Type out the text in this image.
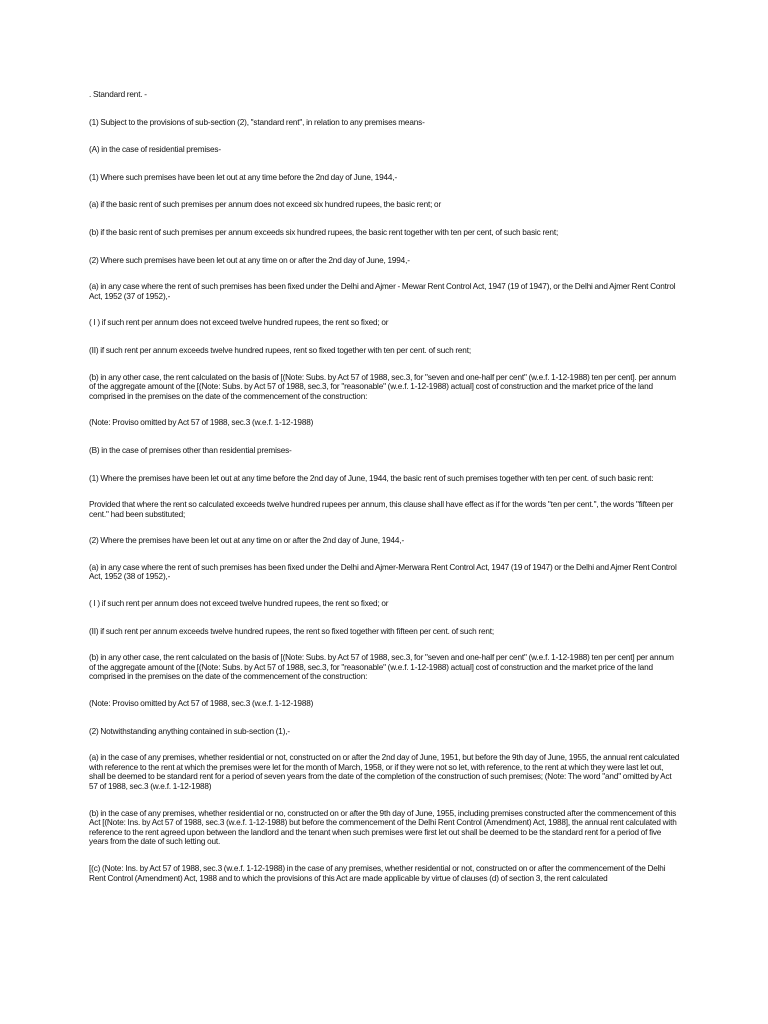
. Standard rent. -

(1) Subject to the provisions of sub-section (2), "standard rent", in relation to any premises means-

(A) in the case of residential premises-

(1) Where such premises have been let out at any time before the 2nd day of June, 1944,-

(a) if the basic rent of such premises per annum does not exceed six hundred rupees, the basic rent; or

(b) if the basic rent of such premises per annum exceeds six hundred rupees, the basic rent together with ten per cent, of such basic rent;

(2) Where such premises have been let out at any time on or after the 2nd day of June, 1994,-

(a) in any case where the rent of such premises has been fixed under the Delhi and Ajmer - Mewar Rent Control Act, 1947 (19 of 1947), or the Delhi and Ajmer Rent Control Act, 1952 (37 of 1952),-

( I ) if such rent per annum does not exceed twelve hundred rupees, the rent so fixed; or

(II) if such rent per annum exceeds twelve hundred rupees, rent so fixed together with ten per cent. of such rent;

(b) in any other case, the rent calculated on the basis of [(Note: Subs. by Act 57 of 1988, sec.3, for "seven and one-half per cent" (w.e.f. 1-12-1988) ten per cent]. per annum of the aggregate amount of the [(Note: Subs. by Act 57 of 1988, sec.3, for "reasonable" (w.e.f. 1-12-1988) actual] cost of construction and the market price of the land comprised in the premises on the date of the commencement of the construction:

(Note: Proviso omitted by Act 57 of 1988, sec.3 (w.e.f. 1-12-1988)

(B) in the case of premises other than residential premises-

(1) Where the premises have been let out at any time before the 2nd day of June, 1944, the basic rent of such premises together with ten per cent. of such basic rent:

Provided that where the rent so calculated exceeds twelve hundred rupees per annum, this clause shall have effect as if for the words "ten per cent.", the words "fifteen per cent." had been substituted;

(2) Where the premises have been let out at any time on or after the 2nd day of June, 1944,-

(a) in any case where the rent of such premises has been fixed under the Delhi and Ajmer-Merwara Rent Control Act, 1947 (19 of 1947) or the Delhi and Ajmer Rent Control Act, 1952 (38 of 1952),-

( I ) if such rent per annum does not exceed twelve hundred rupees, the rent so fixed; or

(II) if such rent per annum exceeds twelve hundred rupees, the rent so fixed together with fifteen per cent. of such rent;

(b) in any other case, the rent calculated on the basis of [(Note: Subs. by Act 57 of 1988, sec.3, for "seven and one-half per cent" (w.e.f. 1-12-1988) ten per cent] per annum of the aggregate amount of the [(Note: Subs. by Act 57 of 1988, sec.3, for "reasonable" (w.e.f. 1-12-1988) actual] cost of construction and the market price of the land comprised in the premises on the date of the commencement of the construction:

(Note: Proviso omitted by Act 57 of 1988, sec.3 (w.e.f. 1-12-1988)

(2) Notwithstanding anything contained in sub-section (1),-

(a) in the case of any premises, whether residential or not, constructed on or after the 2nd day of June, 1951, but before the 9th day of June, 1955, the annual rent calculated with reference to the rent at which the premises were let for the month of March, 1958, or if they were not so let, with reference, to the rent at which they were last let out, shall be deemed to be standard rent for a period of seven years from the date of the completion of the construction of such premises; (Note: The word "and" omitted by Act 57 of 1988, sec.3 (w.e.f. 1-12-1988)

(b) in the case of any premises, whether residential or no, constructed on or after the 9th day of June, 1955, including premises constructed after the commencement of this Act [(Note: Ins. by Act 57 of 1988, sec.3 (w.e.f. 1-12-1988) but before the commencement of the Delhi Rent Control (Amendment) Act, 1988], the annual rent calculated with reference to the rent agreed upon between the landlord and the tenant when such premises were first let out shall be deemed to be the standard rent for a period of five years from the date of such letting out.

[(c) (Note: Ins. by Act 57 of 1988, sec.3 (w.e.f. 1-12-1988) in the case of any premises, whether residential or not, constructed on or after the commencement of the Delhi Rent Control (Amendment) Act, 1988 and to which the provisions of this Act are made applicable by virtue of clauses (d) of section 3, the rent calculated
